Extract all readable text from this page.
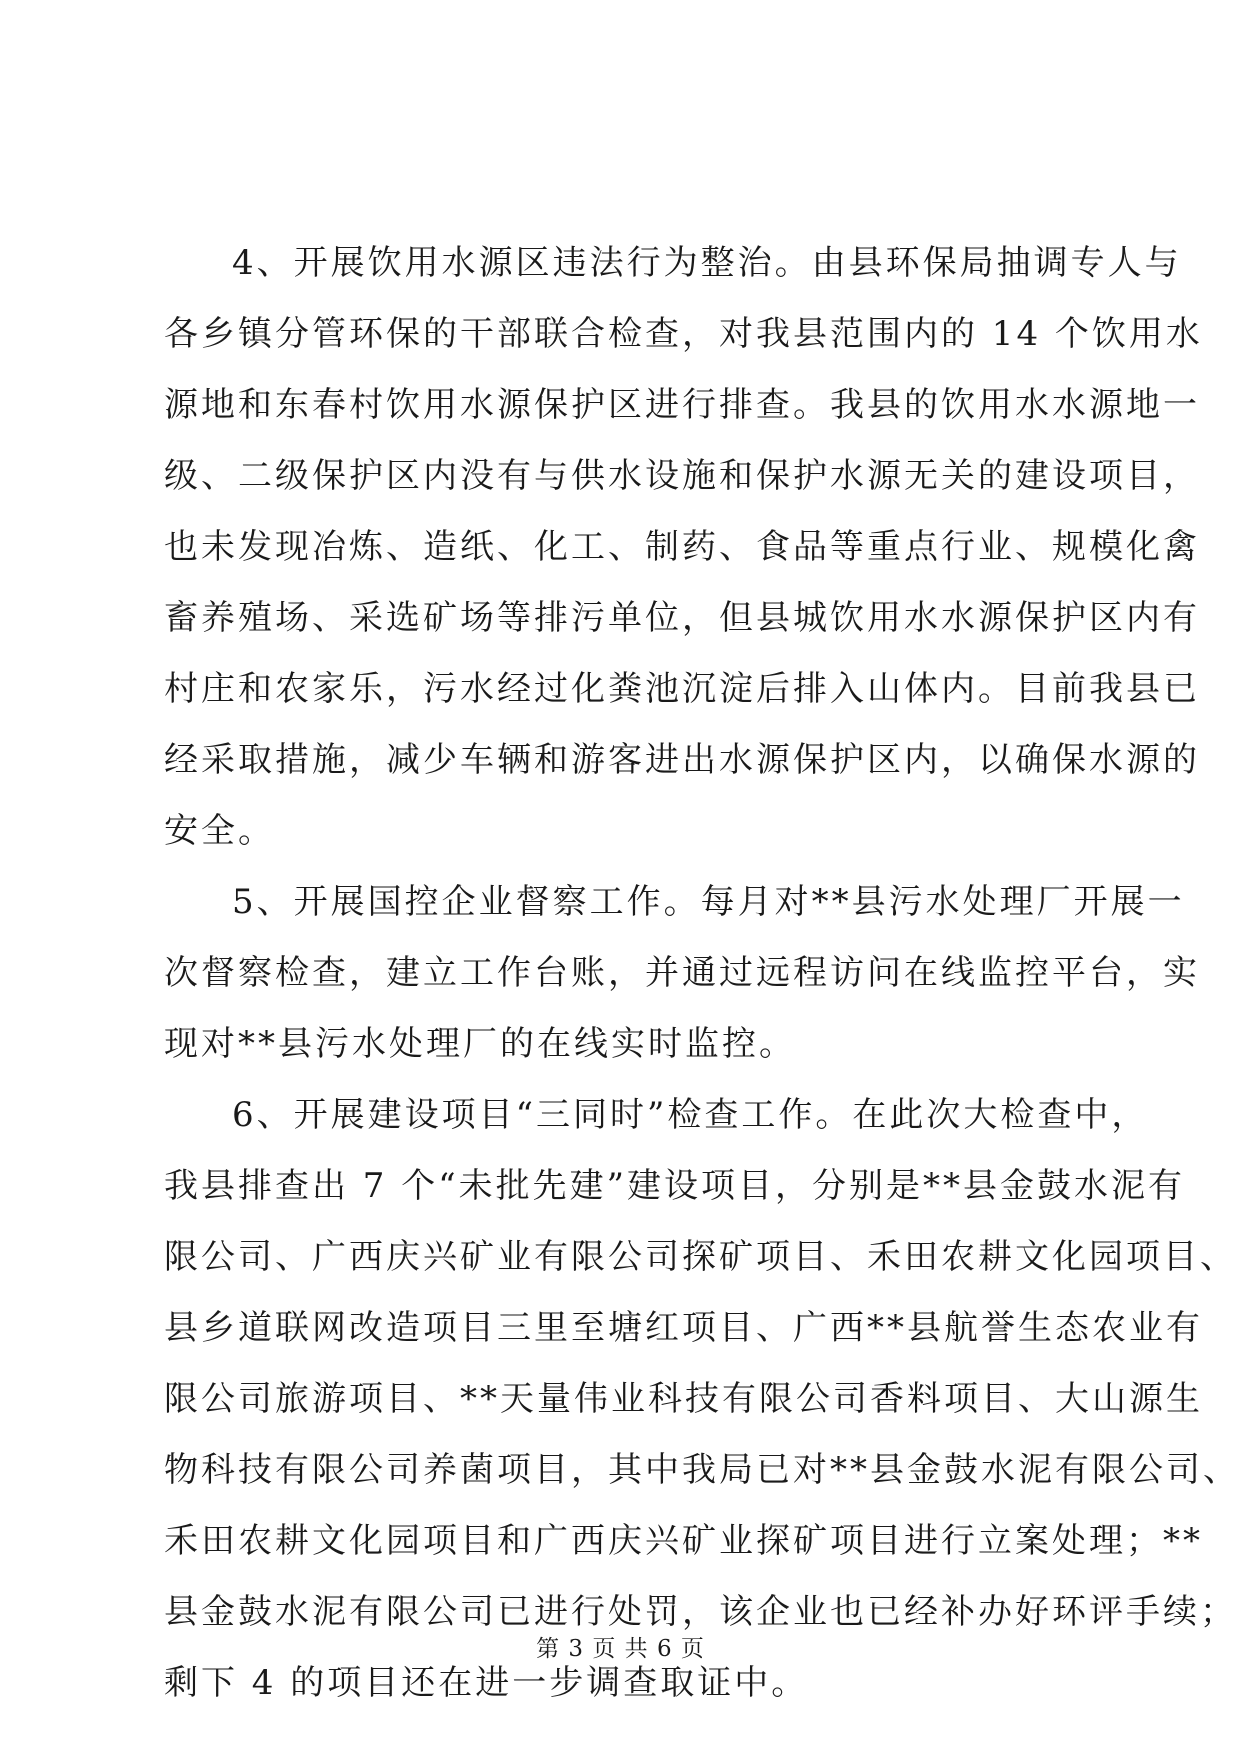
4、开展饮用水源区违法行为整治。由县环保局抽调专人与
各乡镇分管环保的干部联合检查，对我县范围内的 14 个饮用水
源地和东春村饮用水源保护区进行排查。我县的饮用水水源地一
级、二级保护区内没有与供水设施和保护水源无关的建设项目，
也未发现冶炼、造纸、化工、制药、食品等重点行业、规模化禽
畜养殖场、采选矿场等排污单位，但县城饮用水水源保护区内有
村庄和农家乐，污水经过化粪池沉淀后排入山体内。目前我县已
经采取措施，减少车辆和游客进出水源保护区内，以确保水源的
安全。
5、开展国控企业督察工作。每月对**县污水处理厂开展一
次督察检查，建立工作台账，并通过远程访问在线监控平台，实
现对**县污水处理厂的在线实时监控。
6、开展建设项目“三同时”检查工作。在此次大检查中，
我县排查出 7 个“未批先建”建设项目，分别是**县金鼓水泥有
限公司、广西庆兴矿业有限公司探矿项目、禾田农耕文化园项目、
县乡道联网改造项目三里至塘红项目、广西**县航誉生态农业有
限公司旅游项目、**天量伟业科技有限公司香料项目、大山源生
物科技有限公司养菌项目，其中我局已对**县金鼓水泥有限公司、
禾田农耕文化园项目和广西庆兴矿业探矿项目进行立案处理；**
县金鼓水泥有限公司已进行处罚，该企业也已经补办好环评手续；
剩下 4 的项目还在进一步调查取证中。
第 3 页 共 6 页
